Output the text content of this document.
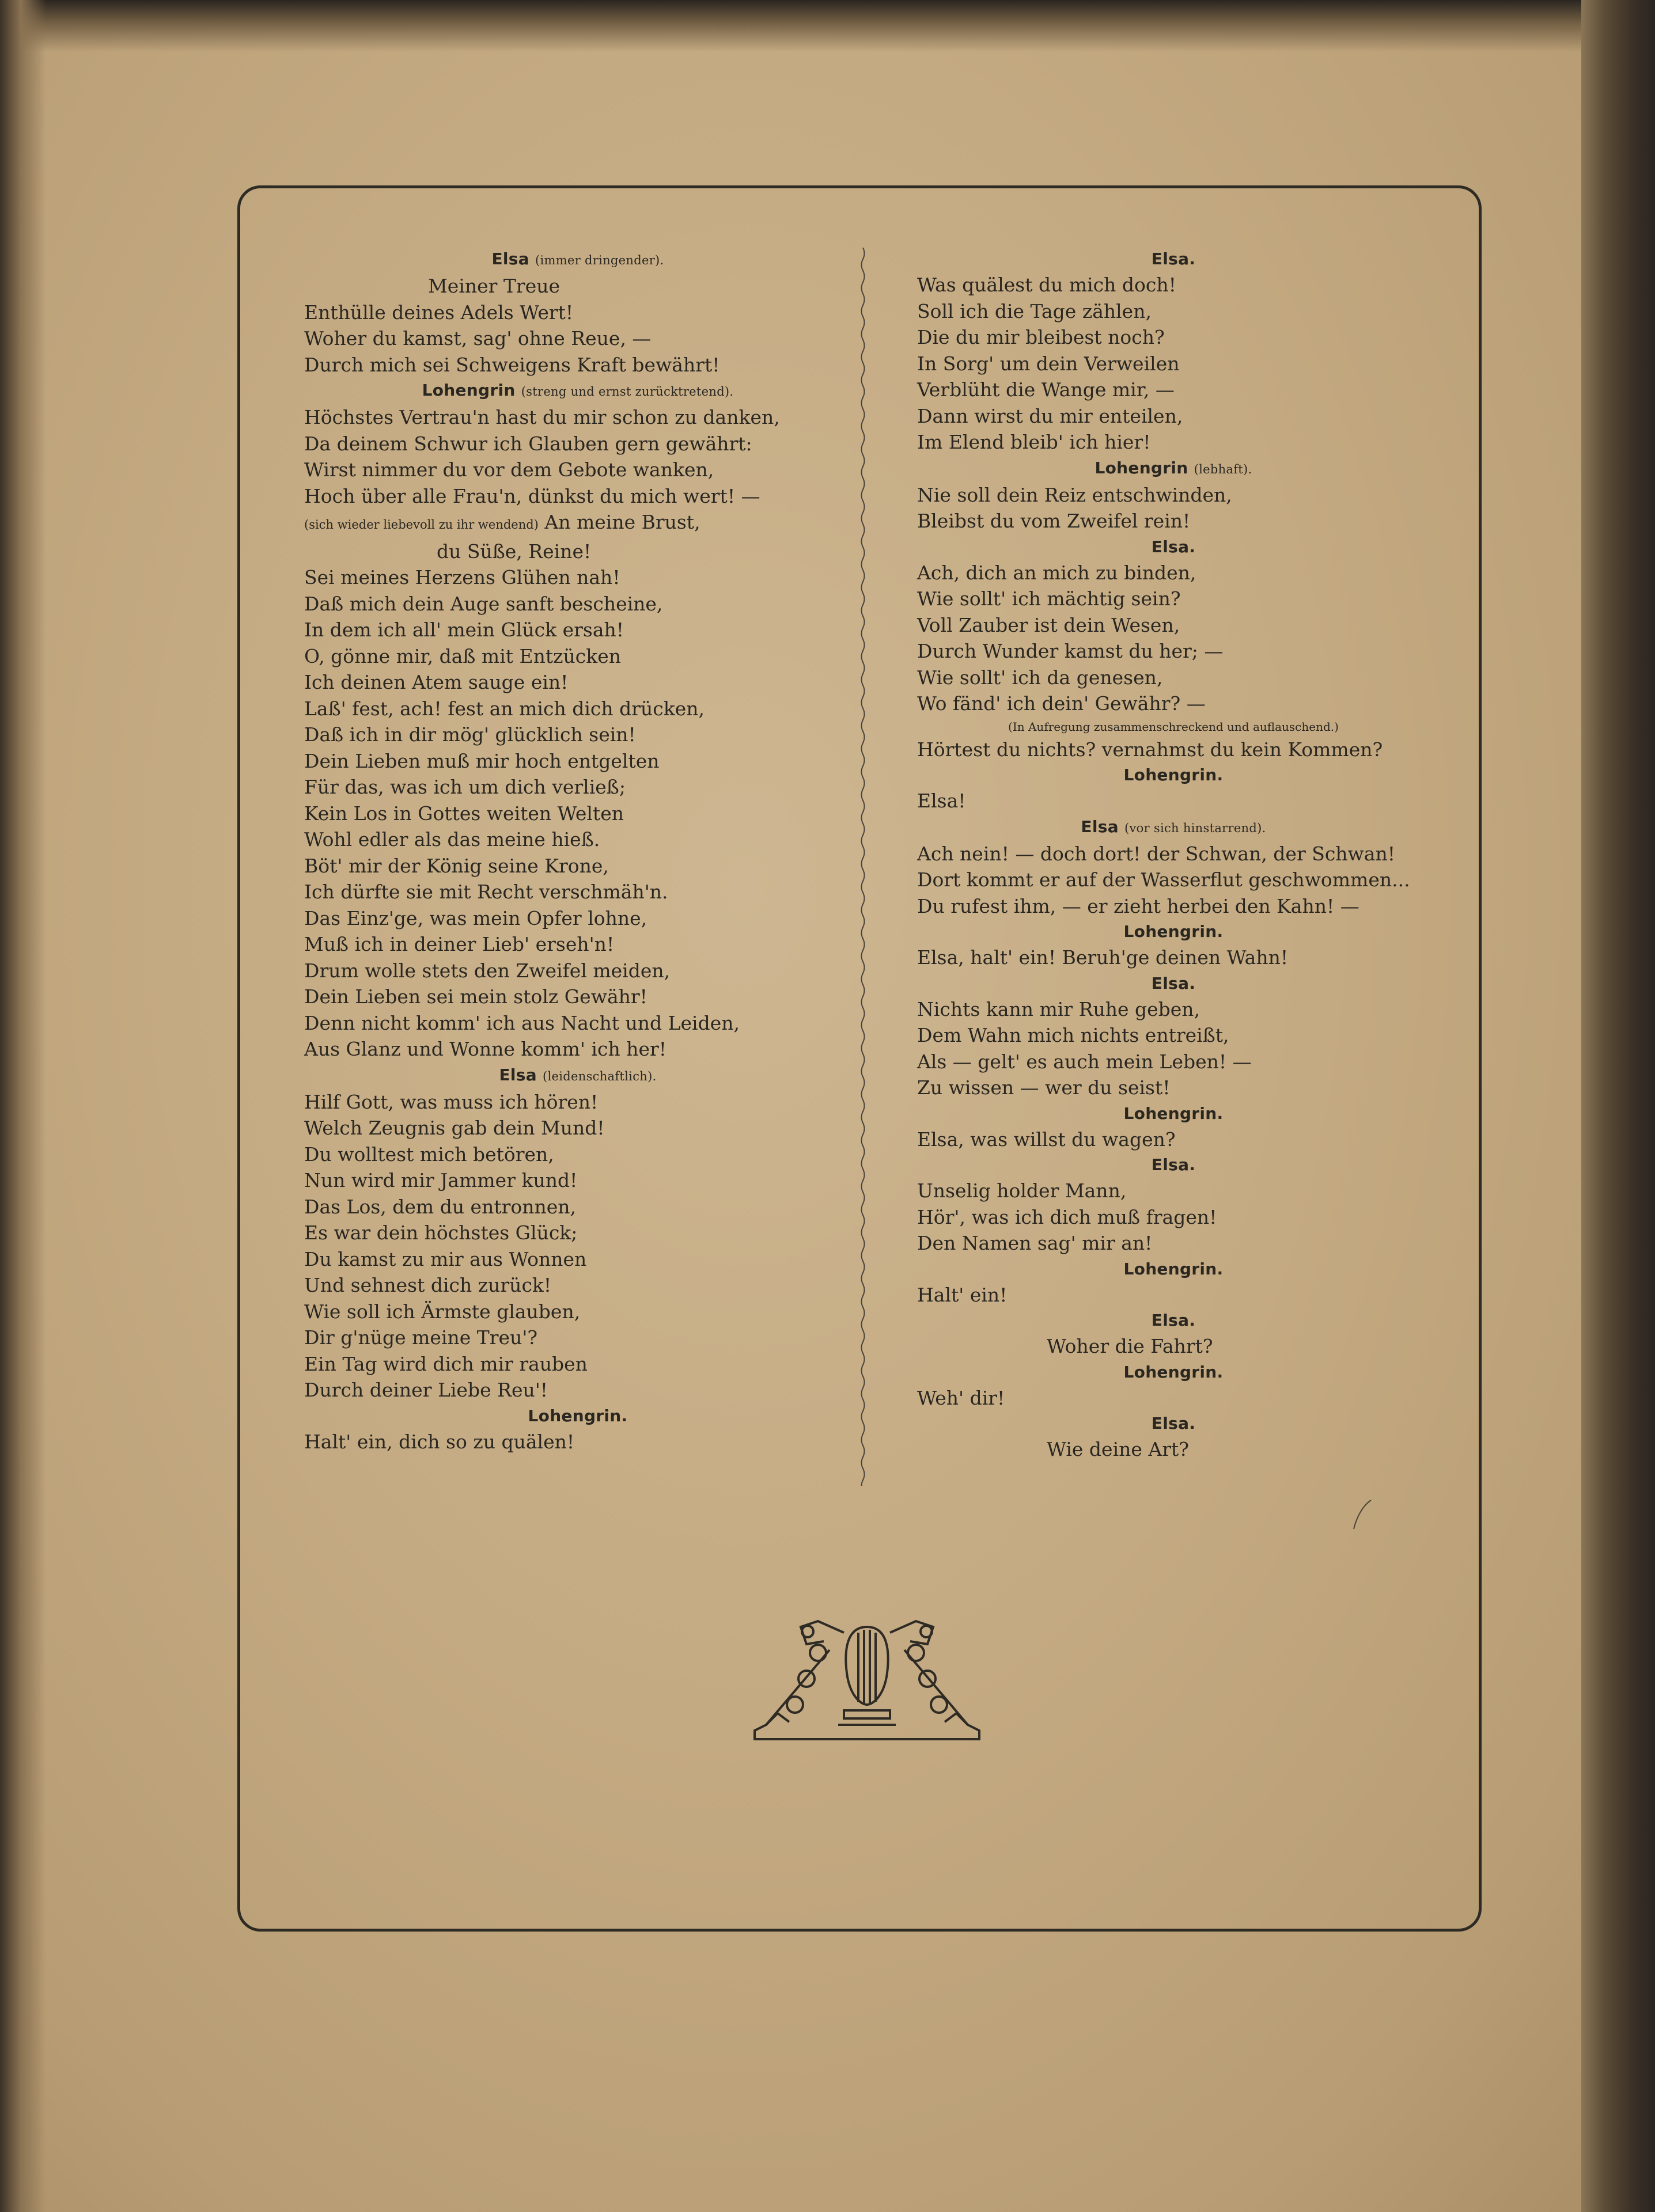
Elsa (immer dringender).
Meiner Treue
Enthülle deines Adels Wert!
Woher du kamst, sag' ohne Reue, —
Durch mich sei Schweigens Kraft bewährt!
Lohengrin (streng und ernst zurücktretend).
Höchstes Vertrau'n hast du mir schon zu danken,
Da deinem Schwur ich Glauben gern gewährt:
Wirst nimmer du vor dem Gebote wanken,
Hoch über alle Frau'n, dünkst du mich wert! —
(sich wieder liebevoll zu ihr wendend) An meine Brust,
du Süße, Reine!
Sei meines Herzens Glühen nah!
Daß mich dein Auge sanft bescheine,
In dem ich all' mein Glück ersah!
O, gönne mir, daß mit Entzücken
Ich deinen Atem sauge ein!
Laß' fest, ach! fest an mich dich drücken,
Daß ich in dir mög' glücklich sein!
Dein Lieben muß mir hoch entgelten
Für das, was ich um dich verließ;
Kein Los in Gottes weiten Welten
Wohl edler als das meine hieß.
Böt' mir der König seine Krone,
Ich dürfte sie mit Recht verschmäh'n.
Das Einz'ge, was mein Opfer lohne,
Muß ich in deiner Lieb' erseh'n!
Drum wolle stets den Zweifel meiden,
Dein Lieben sei mein stolz Gewähr!
Denn nicht komm' ich aus Nacht und Leiden,
Aus Glanz und Wonne komm' ich her!
Elsa (leidenschaftlich).
Hilf Gott, was muss ich hören!
Welch Zeugnis gab dein Mund!
Du wolltest mich betören,
Nun wird mir Jammer kund!
Das Los, dem du entronnen,
Es war dein höchstes Glück;
Du kamst zu mir aus Wonnen
Und sehnest dich zurück!
Wie soll ich Ärmste glauben,
Dir g'nüge meine Treu'?
Ein Tag wird dich mir rauben
Durch deiner Liebe Reu'!
Lohengrin.
Halt' ein, dich so zu quälen!
Elsa.
Was quälest du mich doch!
Soll ich die Tage zählen,
Die du mir bleibest noch?
In Sorg' um dein Verweilen
Verblüht die Wange mir, —
Dann wirst du mir enteilen,
Im Elend bleib' ich hier!
Lohengrin (lebhaft).
Nie soll dein Reiz entschwinden,
Bleibst du vom Zweifel rein!
Elsa.
Ach, dich an mich zu binden,
Wie sollt' ich mächtig sein?
Voll Zauber ist dein Wesen,
Durch Wunder kamst du her; —
Wie sollt' ich da genesen,
Wo fänd' ich dein' Gewähr? —
(In Aufregung zusammenschreckend und auflauschend.)
Hörtest du nichts? vernahmst du kein Kommen?
Lohengrin.
Elsa!
Elsa (vor sich hinstarrend).
Ach nein! — doch dort! der Schwan, der Schwan!
Dort kommt er auf der Wasserflut geschwommen...
Du rufest ihm, — er zieht herbei den Kahn! —
Lohengrin.
Elsa, halt' ein! Beruh'ge deinen Wahn!
Elsa.
Nichts kann mir Ruhe geben,
Dem Wahn mich nichts entreißt,
Als — gelt' es auch mein Leben! —
Zu wissen — wer du seist!
Lohengrin.
Elsa, was willst du wagen?
Elsa.
Unselig holder Mann,
Hör', was ich dich muß fragen!
Den Namen sag' mir an!
Lohengrin.
Halt' ein!
Elsa.
Woher die Fahrt?
Lohengrin.
Weh' dir!
Elsa.
Wie deine Art?
